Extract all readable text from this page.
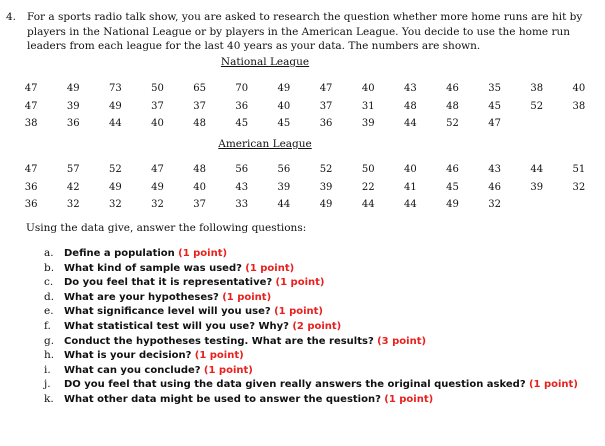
4. For a sports radio talk show, you are asked to research the question whether more home runs are hit by players in the National League or by players in the American League. You decide to use the home run leaders from each league for the last 40 years as your data. The numbers are shown.
National League
47	49	73	50	65	70	49	47	40	43	46	35	38	40
47	39	49	37	37	36	40	37	31	48	48	45	52	38
38	36	44	40	48	45	45	36	39	44	52	47		
American League
47	57	52	47	48	56	56	52	50	40	46	43	44	51
36	42	49	49	40	43	39	39	22	41	45	46	39	32
36	32	32	32	37	33	44	49	44	44	49	32		
Using the data give, answer the following questions:
a. Define a population (1 point)
b. What kind of sample was used? (1 point)
c. Do you feel that it is representative? (1 point)
d. What are your hypotheses? (1 point)
e. What significance level will you use? (1 point)
f. What statistical test will you use? Why? (2 point)
g. Conduct the hypotheses testing. What are the results? (3 point)
h. What is your decision? (1 point)
i. What can you conclude? (1 point)
j. DO you feel that using the data given really answers the original question asked? (1 point)
k. What other data might be used to answer the question? (1 point)
